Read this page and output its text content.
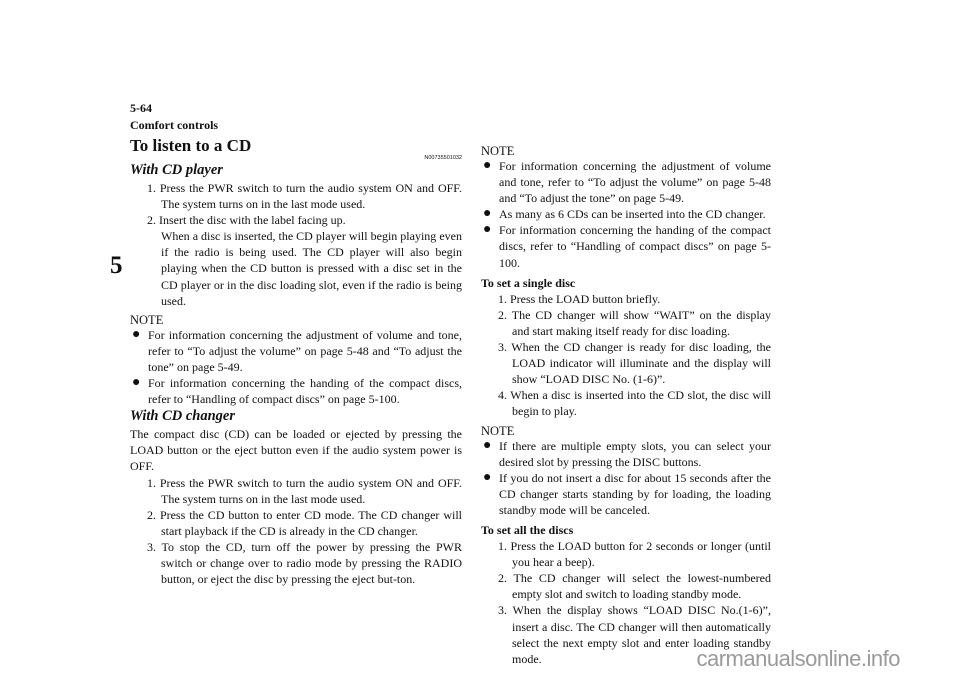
5-64
Comfort controls
5
To listen to a CD
N00735501032
With CD player
1. Press the PWR switch to turn the audio system ON and OFF. The system turns on in the last mode used.
2. Insert the disc with the label facing up.
When a disc is inserted, the CD player will begin playing even if the radio is being used. The CD player will also begin playing when the CD button is pressed with a disc set in the CD player or in the disc loading slot, even if the radio is being used.
NOTE
● For information concerning the adjustment of volume and tone, refer to “To adjust the volume” on page 5-48 and “To adjust the tone” on page 5-49.
● For information concerning the handing of the compact discs, refer to “Handling of compact discs” on page 5-100.
With CD changer
The compact disc (CD) can be loaded or ejected by pressing the LOAD button or the eject button even if the audio system power is OFF.
1. Press the PWR switch to turn the audio system ON and OFF. The system turns on in the last mode used.
2. Press the CD button to enter CD mode. The CD changer will start playback if the CD is already in the CD changer.
3. To stop the CD, turn off the power by pressing the PWR switch or change over to radio mode by pressing the RADIO button, or eject the disc by pressing the eject but-ton.
NOTE
● For information concerning the adjustment of volume and tone, refer to “To adjust the volume” on page 5-48 and “To adjust the tone” on page 5-49.
● As many as 6 CDs can be inserted into the CD changer.
● For information concerning the handing of the compact discs, refer to “Handling of compact discs” on page 5-100.
To set a single disc
1. Press the LOAD button briefly.
2. The CD changer will show “WAIT” on the display and start making itself ready for disc loading.
3. When the CD changer is ready for disc loading, the LOAD indicator will illuminate and the display will show “LOAD DISC No. (1-6)”.
4. When a disc is inserted into the CD slot, the disc will begin to play.
NOTE
● If there are multiple empty slots, you can select your desired slot by pressing the DISC buttons.
● If you do not insert a disc for about 15 seconds after the CD changer starts standing by for loading, the loading standby mode will be canceled.
To set all the discs
1. Press the LOAD button for 2 seconds or longer (until you hear a beep).
2. The CD changer will select the lowest-numbered empty slot and switch to loading standby mode.
3. When the display shows “LOAD DISC No.(1-6)”, insert a disc. The CD changer will then automatically select the next empty slot and enter loading standby mode.	carmanualsonline.info
